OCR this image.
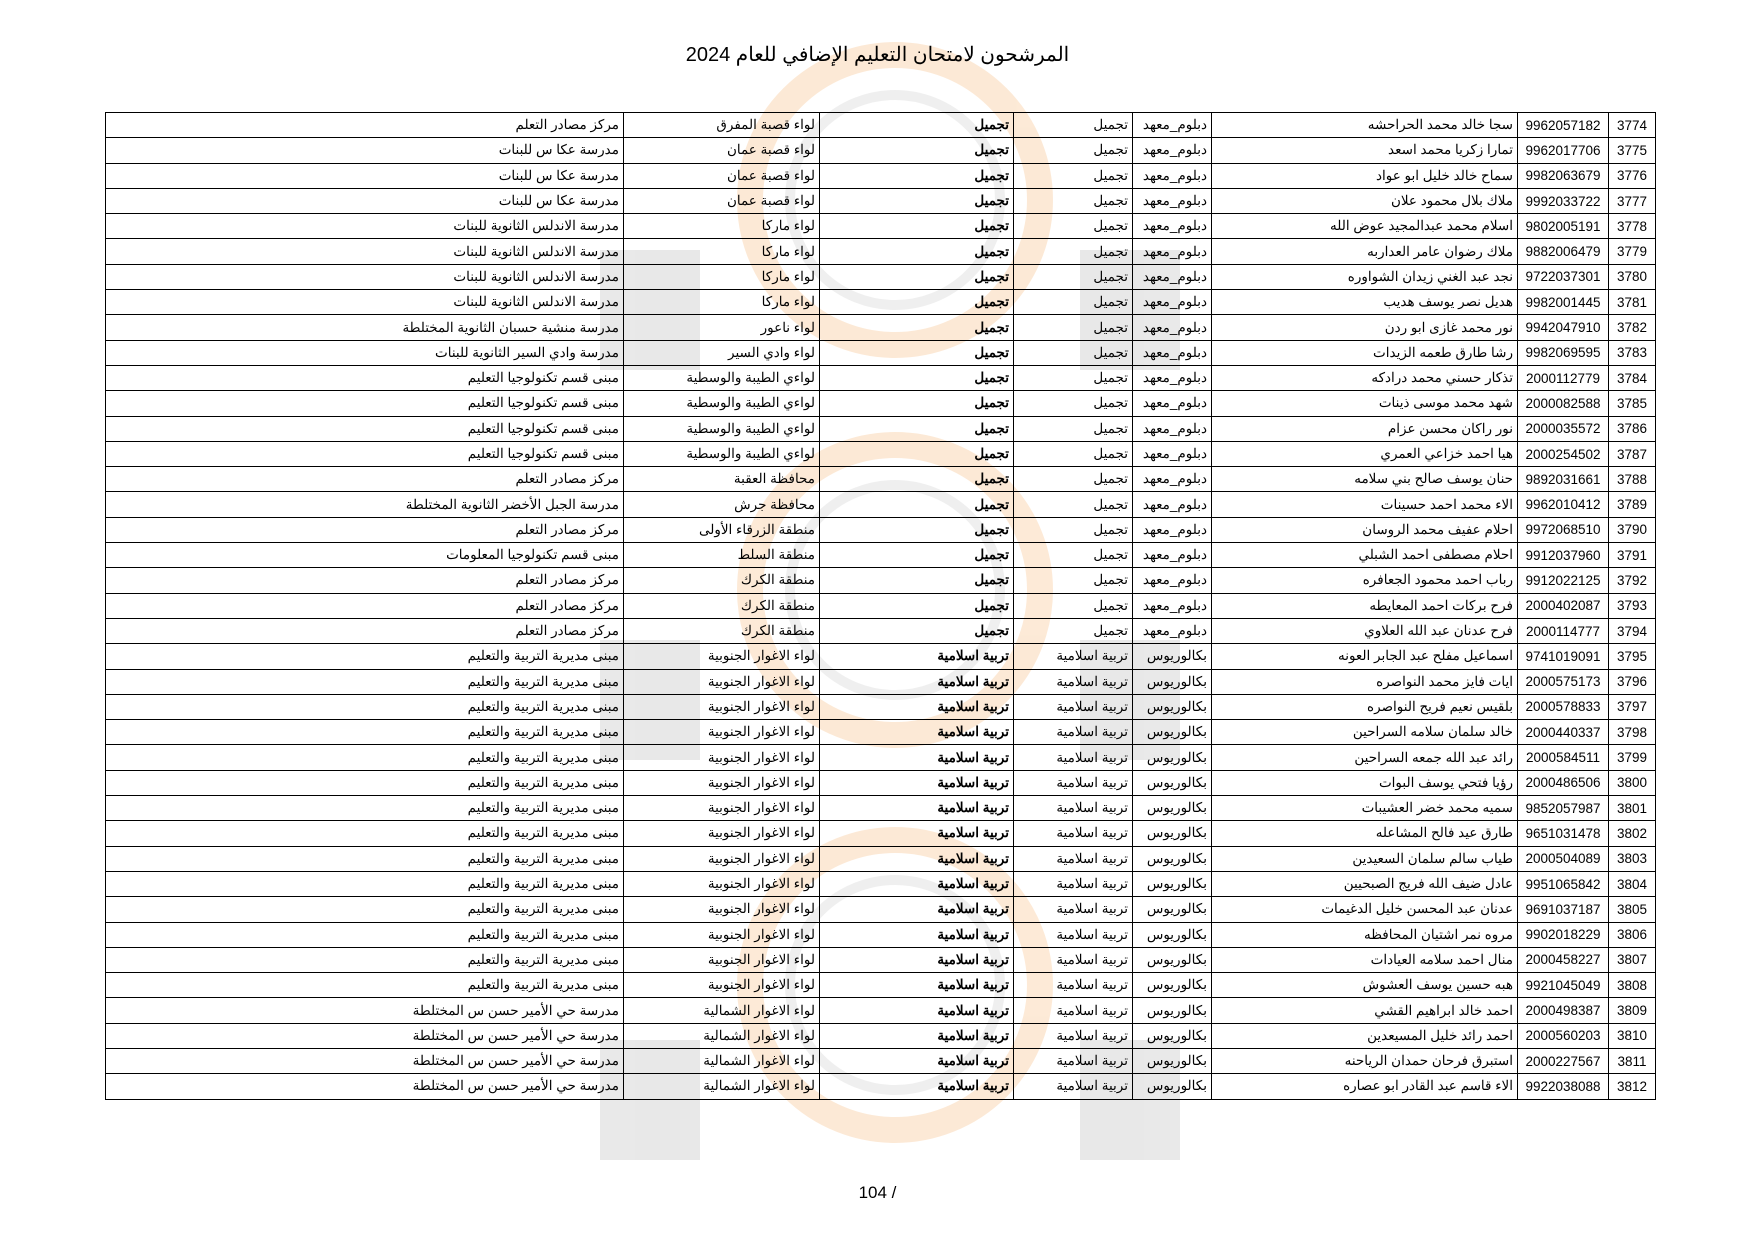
المرشحون لامتحان التعليم الإضافي للعام 2024
3774	9962057182	سجا خالد محمد الحراحشه	دبلوم_معهد	تجميل	تجميل	لواء قصبة المفرق	مركز مصادر التعلم
3775	9962017706	تمارا زكريا محمد اسعد	دبلوم_معهد	تجميل	تجميل	لواء قصبة عمان	مدرسة عكا س للبنات
3776	9982063679	سماح خالد خليل ابو عواد	دبلوم_معهد	تجميل	تجميل	لواء قصبة عمان	مدرسة عكا س للبنات
3777	9992033722	ملاك بلال محمود علان	دبلوم_معهد	تجميل	تجميل	لواء قصبة عمان	مدرسة عكا س للبنات
3778	9802005191	اسلام محمد عبدالمجيد عوض الله	دبلوم_معهد	تجميل	تجميل	لواء ماركا	مدرسة الاندلس الثانوية للبنات
3779	9882006479	ملاك رضوان عامر العداربه	دبلوم_معهد	تجميل	تجميل	لواء ماركا	مدرسة الاندلس الثانوية للبنات
3780	9722037301	نجد عبد الغني زيدان الشواوره	دبلوم_معهد	تجميل	تجميل	لواء ماركا	مدرسة الاندلس الثانوية للبنات
3781	9982001445	هديل نصر يوسف هديب	دبلوم_معهد	تجميل	تجميل	لواء ماركا	مدرسة الاندلس الثانوية للبنات
3782	9942047910	نور محمد غازى ابو ردن	دبلوم_معهد	تجميل	تجميل	لواء ناعور	مدرسة منشية حسبان الثانوية المختلطة
3783	9982069595	رشا طارق طعمه الزيدات	دبلوم_معهد	تجميل	تجميل	لواء وادي السير	مدرسة وادي السير الثانوية للبنات
3784	2000112779	تذكار حسني محمد درادكه	دبلوم_معهد	تجميل	تجميل	لواءي الطيبة والوسطية	مبنى قسم تكنولوجيا التعليم
3785	2000082588	شهد محمد موسى ذينات	دبلوم_معهد	تجميل	تجميل	لواءي الطيبة والوسطية	مبنى قسم تكنولوجيا التعليم
3786	2000035572	نور راكان محسن عزام	دبلوم_معهد	تجميل	تجميل	لواءي الطيبة والوسطية	مبنى قسم تكنولوجيا التعليم
3787	2000254502	هيا احمد خزاعي العمري	دبلوم_معهد	تجميل	تجميل	لواءي الطيبة والوسطية	مبنى قسم تكنولوجيا التعليم
3788	9892031661	حنان يوسف صالح بني سلامه	دبلوم_معهد	تجميل	تجميل	محافظة العقبة	مركز مصادر التعلم
3789	9962010412	الاء محمد احمد حسينات	دبلوم_معهد	تجميل	تجميل	محافظة جرش	مدرسة الجبل الأخضر الثانوية المختلطة
3790	9972068510	احلام عفيف محمد الروسان	دبلوم_معهد	تجميل	تجميل	منطقة الزرقاء الأولى	مركز مصادر التعلم
3791	9912037960	احلام مصطفى احمد الشبلي	دبلوم_معهد	تجميل	تجميل	منطقة السلط	مبنى قسم تكنولوجيا المعلومات
3792	9912022125	رباب احمد محمود الجعافره	دبلوم_معهد	تجميل	تجميل	منطقة الكرك	مركز مصادر التعلم
3793	2000402087	فرح بركات احمد المعايطه	دبلوم_معهد	تجميل	تجميل	منطقة الكرك	مركز مصادر التعلم
3794	2000114777	فرح عدنان عبد الله العلاوي	دبلوم_معهد	تجميل	تجميل	منطقة الكرك	مركز مصادر التعلم
3795	9741019091	اسماعيل مفلح عبد الجابر العونه	بكالوريوس	تربية اسلامية	تربية اسلامية	لواء الاغوار الجنوبية	مبنى مديرية التربية والتعليم
3796	2000575173	ايات فايز محمد النواصره	بكالوريوس	تربية اسلامية	تربية اسلامية	لواء الاغوار الجنوبية	مبنى مديرية التربية والتعليم
3797	2000578833	بلقيس نعيم فريح النواصره	بكالوريوس	تربية اسلامية	تربية اسلامية	لواء الاغوار الجنوبية	مبنى مديرية التربية والتعليم
3798	2000440337	خالد سلمان سلامه السراحين	بكالوريوس	تربية اسلامية	تربية اسلامية	لواء الاغوار الجنوبية	مبنى مديرية التربية والتعليم
3799	2000584511	رائد عبد الله جمعه السراحين	بكالوريوس	تربية اسلامية	تربية اسلامية	لواء الاغوار الجنوبية	مبنى مديرية التربية والتعليم
3800	2000486506	رؤيا فتحي يوسف البوات	بكالوريوس	تربية اسلامية	تربية اسلامية	لواء الاغوار الجنوبية	مبنى مديرية التربية والتعليم
3801	9852057987	سميه محمد خضر العشيبات	بكالوريوس	تربية اسلامية	تربية اسلامية	لواء الاغوار الجنوبية	مبنى مديرية التربية والتعليم
3802	9651031478	طارق عيد فالح المشاعله	بكالوريوس	تربية اسلامية	تربية اسلامية	لواء الاغوار الجنوبية	مبنى مديرية التربية والتعليم
3803	2000504089	طياب سالم سلمان السعيدين	بكالوريوس	تربية اسلامية	تربية اسلامية	لواء الاغوار الجنوبية	مبنى مديرية التربية والتعليم
3804	9951065842	عادل ضيف الله فريج الصبحيين	بكالوريوس	تربية اسلامية	تربية اسلامية	لواء الاغوار الجنوبية	مبنى مديرية التربية والتعليم
3805	9691037187	عدنان عبد المحسن خليل الدغيمات	بكالوريوس	تربية اسلامية	تربية اسلامية	لواء الاغوار الجنوبية	مبنى مديرية التربية والتعليم
3806	9902018229	مروه نمر اشتيان المحافظه	بكالوريوس	تربية اسلامية	تربية اسلامية	لواء الاغوار الجنوبية	مبنى مديرية التربية والتعليم
3807	2000458227	منال احمد سلامه العيادات	بكالوريوس	تربية اسلامية	تربية اسلامية	لواء الاغوار الجنوبية	مبنى مديرية التربية والتعليم
3808	9921045049	هبه حسين يوسف العشوش	بكالوريوس	تربية اسلامية	تربية اسلامية	لواء الاغوار الجنوبية	مبنى مديرية التربية والتعليم
3809	2000498387	احمد خالد ابراهيم القشي	بكالوريوس	تربية اسلامية	تربية اسلامية	لواء الاغوار الشمالية	مدرسة حي الأمير حسن س المختلطة
3810	2000560203	احمد رائد خليل المسيعدين	بكالوريوس	تربية اسلامية	تربية اسلامية	لواء الاغوار الشمالية	مدرسة حي الأمير حسن س المختلطة
3811	2000227567	استبرق فرحان حمدان الرياحنه	بكالوريوس	تربية اسلامية	تربية اسلامية	لواء الاغوار الشمالية	مدرسة حي الأمير حسن س المختلطة
3812	9922038088	الاء قاسم عبد القادر ابو عصاره	بكالوريوس	تربية اسلامية	تربية اسلامية	لواء الاغوار الشمالية	مدرسة حي الأمير حسن س المختلطة
104 /
